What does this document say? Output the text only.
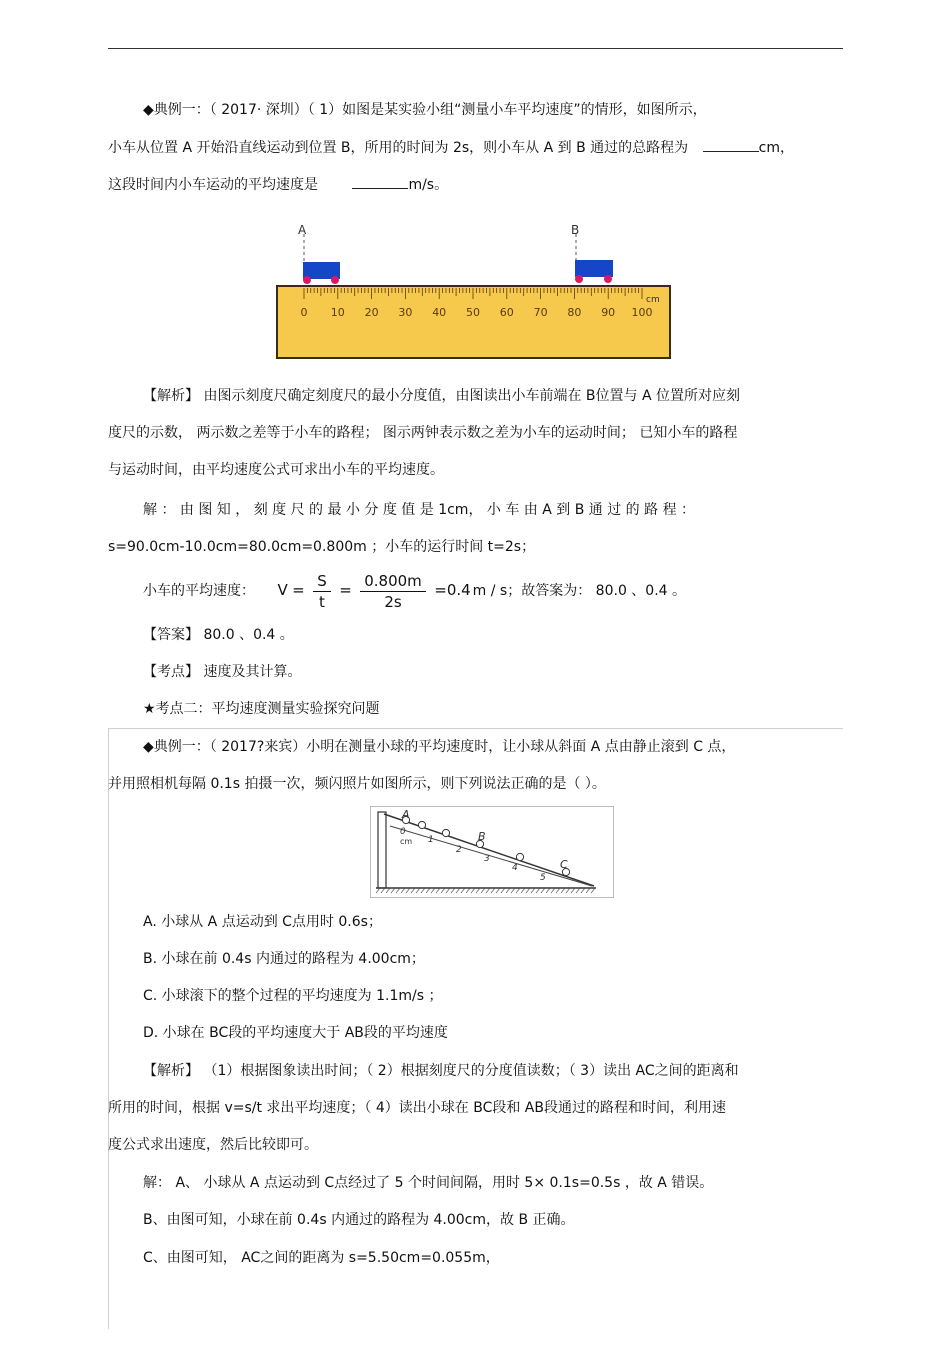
◆典例一：（ 2017· 深圳）（ 1）如图是某实验小组“测量小车平均速度”的情形，如图所示，
小车从位置 A 开始沿直线运动到位置 B，所用的时间为 2s，则小车从 A 到 B 通过的总路程为	cm，
这段时间内小车运动的平均速度是	m/s。
0 10 20 30 40 50 60 70 80 90 100
cm
A	B
【解析】 由图示刻度尺确定刻度尺的最小分度值，由图读出小车前端在 B位置与 A 位置所对应刻
度尺的示数， 两示数之差等于小车的路程； 图示两钟表示数之差为小车的运动时间； 已知小车的路程
与运动时间，由平均速度公式可求出小车的平均速度。
解 ： 由 图 知 ， 刻 度 尺 的 最 小 分 度 值 是 1cm， 小 车 由 A 到 B 通 过 的 路 程 ：
s=90.0cm-10.0cm=80.0cm=0.800m ；小车的运行时间 t=2s；
小车的平均速度： $V = \frac{S}{t} = \frac{0.800m}{2s} =0.4$ m / s；故答案为： 80.0 、0.4 。
【答案】 80.0 、0.4 。
【考点】 速度及其计算。
★考点二：平均速度测量实验探究问题
◆典例一：（ 2017?来宾）小明在测量小球的平均速度时，让小球从斜面 A 点由静止滚到 C 点，
并用照相机每隔 0.1s 拍摄一次，频闪照片如图所示，则下列说法正确的是（ ）。
0
1
2
3
4
5
A
B
C
cm
A. 小球从 A 点运动到 C点用时 0.6s；
B. 小球在前 0.4s 内通过的路程为 4.00cm；
C. 小球滚下的整个过程的平均速度为 1.1m/s ；
D. 小球在 BC段的平均速度大于 AB段的平均速度
【解析】 （1）根据图象读出时间；（ 2）根据刻度尺的分度值读数；（ 3）读出 AC之间的距离和
所用的时间，根据 v=s/t 求出平均速度；（ 4）读出小球在 BC段和 AB段通过的路程和时间，利用速
度公式求出速度，然后比较即可。
解： A、 小球从 A 点运动到 C点经过了 5 个时间间隔，用时 5× 0.1s=0.5s ，故 A 错误。
B、由图可知，小球在前 0.4s 内通过的路程为 4.00cm，故 B 正确。
C、由图可知， AC之间的距离为 s=5.50cm=0.055m，
